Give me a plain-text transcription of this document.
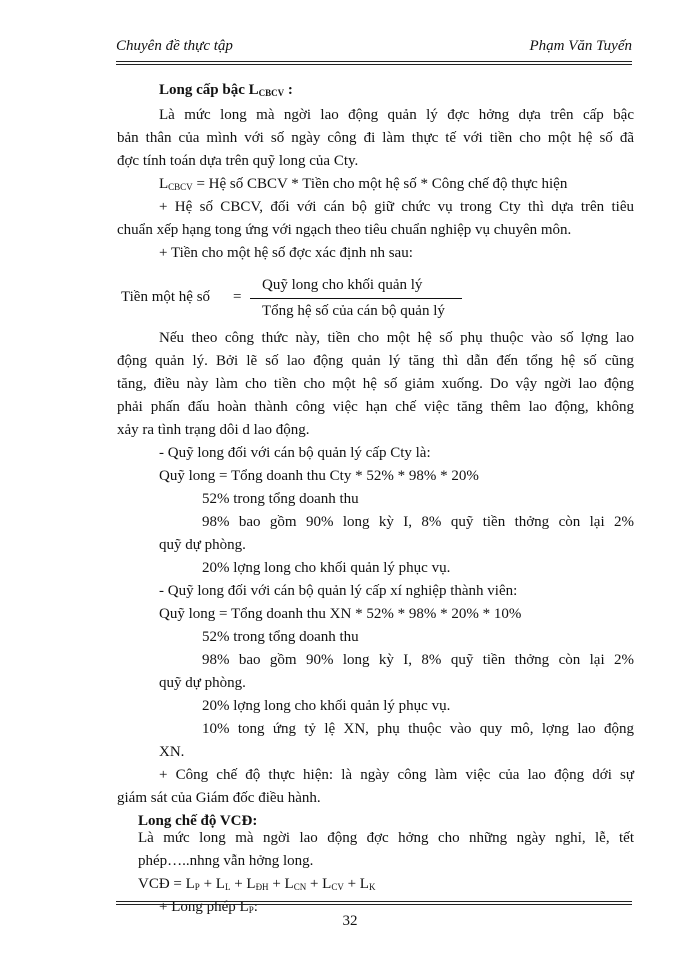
Chuyên đề thực tập	Phạm Văn Tuyến
Long cấp bậc $L_{CBCV}$ :
Là mức long mà ngời lao động quản lý đợc hởng dựa trên cấp bậc
bản thân của mình với số ngày công đi làm thực tế với tiền cho một hệ số đã
đợc tính toán dựa trên quỹ long của Cty.
$L_{CBCV}$ = Hệ số CBCV * Tiền cho một hệ số * Công chế độ thực hiện
+ Hệ số CBCV, đối với cán bộ giữ chức vụ trong Cty thì dựa trên tiêu
chuẩn xếp hạng tong ứng với ngạch theo tiêu chuẩn nghiệp vụ chuyên môn.
+ Tiền cho một hệ số đợc xác định nh sau:
Tiền một hệ số =
Quỹ long cho khối quản lý
Tổng hệ số của cán bộ quản lý
Nếu theo công thức này, tiền cho một hệ số phụ thuộc vào số lợng lao
động quản lý. Bởi lẽ số lao động quản lý tăng thì dẫn đến tổng hệ số cũng
tăng, điều này làm cho tiền cho một hệ số giảm xuống. Do vậy ngời lao động
phải phấn đấu hoàn thành công việc hạn chế việc tăng thêm lao động, không
xảy ra tình trạng dôi d lao động.
- Quỹ long đối với cán bộ quản lý cấp Cty là:
Quỹ long = Tổng doanh thu Cty * 52% * 98% * 20%
52% trong tổng doanh thu
98% bao gồm 90% long kỳ I, 8% quỹ tiền thởng còn lại 2%
quỹ dự phòng.
20% lợng long cho khối quản lý phục vụ.
- Quỹ long đối với cán bộ quản lý cấp xí nghiệp thành viên:
Quỹ long = Tổng doanh thu XN * 52% * 98% * 20% * 10%
52% trong tổng doanh thu
98% bao gồm 90% long kỳ I, 8% quỹ tiền thởng còn lại 2%
quỹ dự phòng.
20% lợng long cho khối quản lý phục vụ.
10% tong ứng tỷ lệ XN, phụ thuộc vào quy mô, lợng lao động
XN.
+ Công chế độ thực hiện: là ngày công làm việc của lao động dới sự
giám sát của Giám đốc điều hành.
Long chế độ VCĐ:
Là mức long mà ngời lao động đợc hởng cho những ngày nghỉ, lễ, tết
phép…..nhng vẫn hởng long.
VCĐ = $L_P + L_L + L_{ĐH} + L_{CN} + L_{CV} + L_K$
+ Long phép $L_P$:
32
